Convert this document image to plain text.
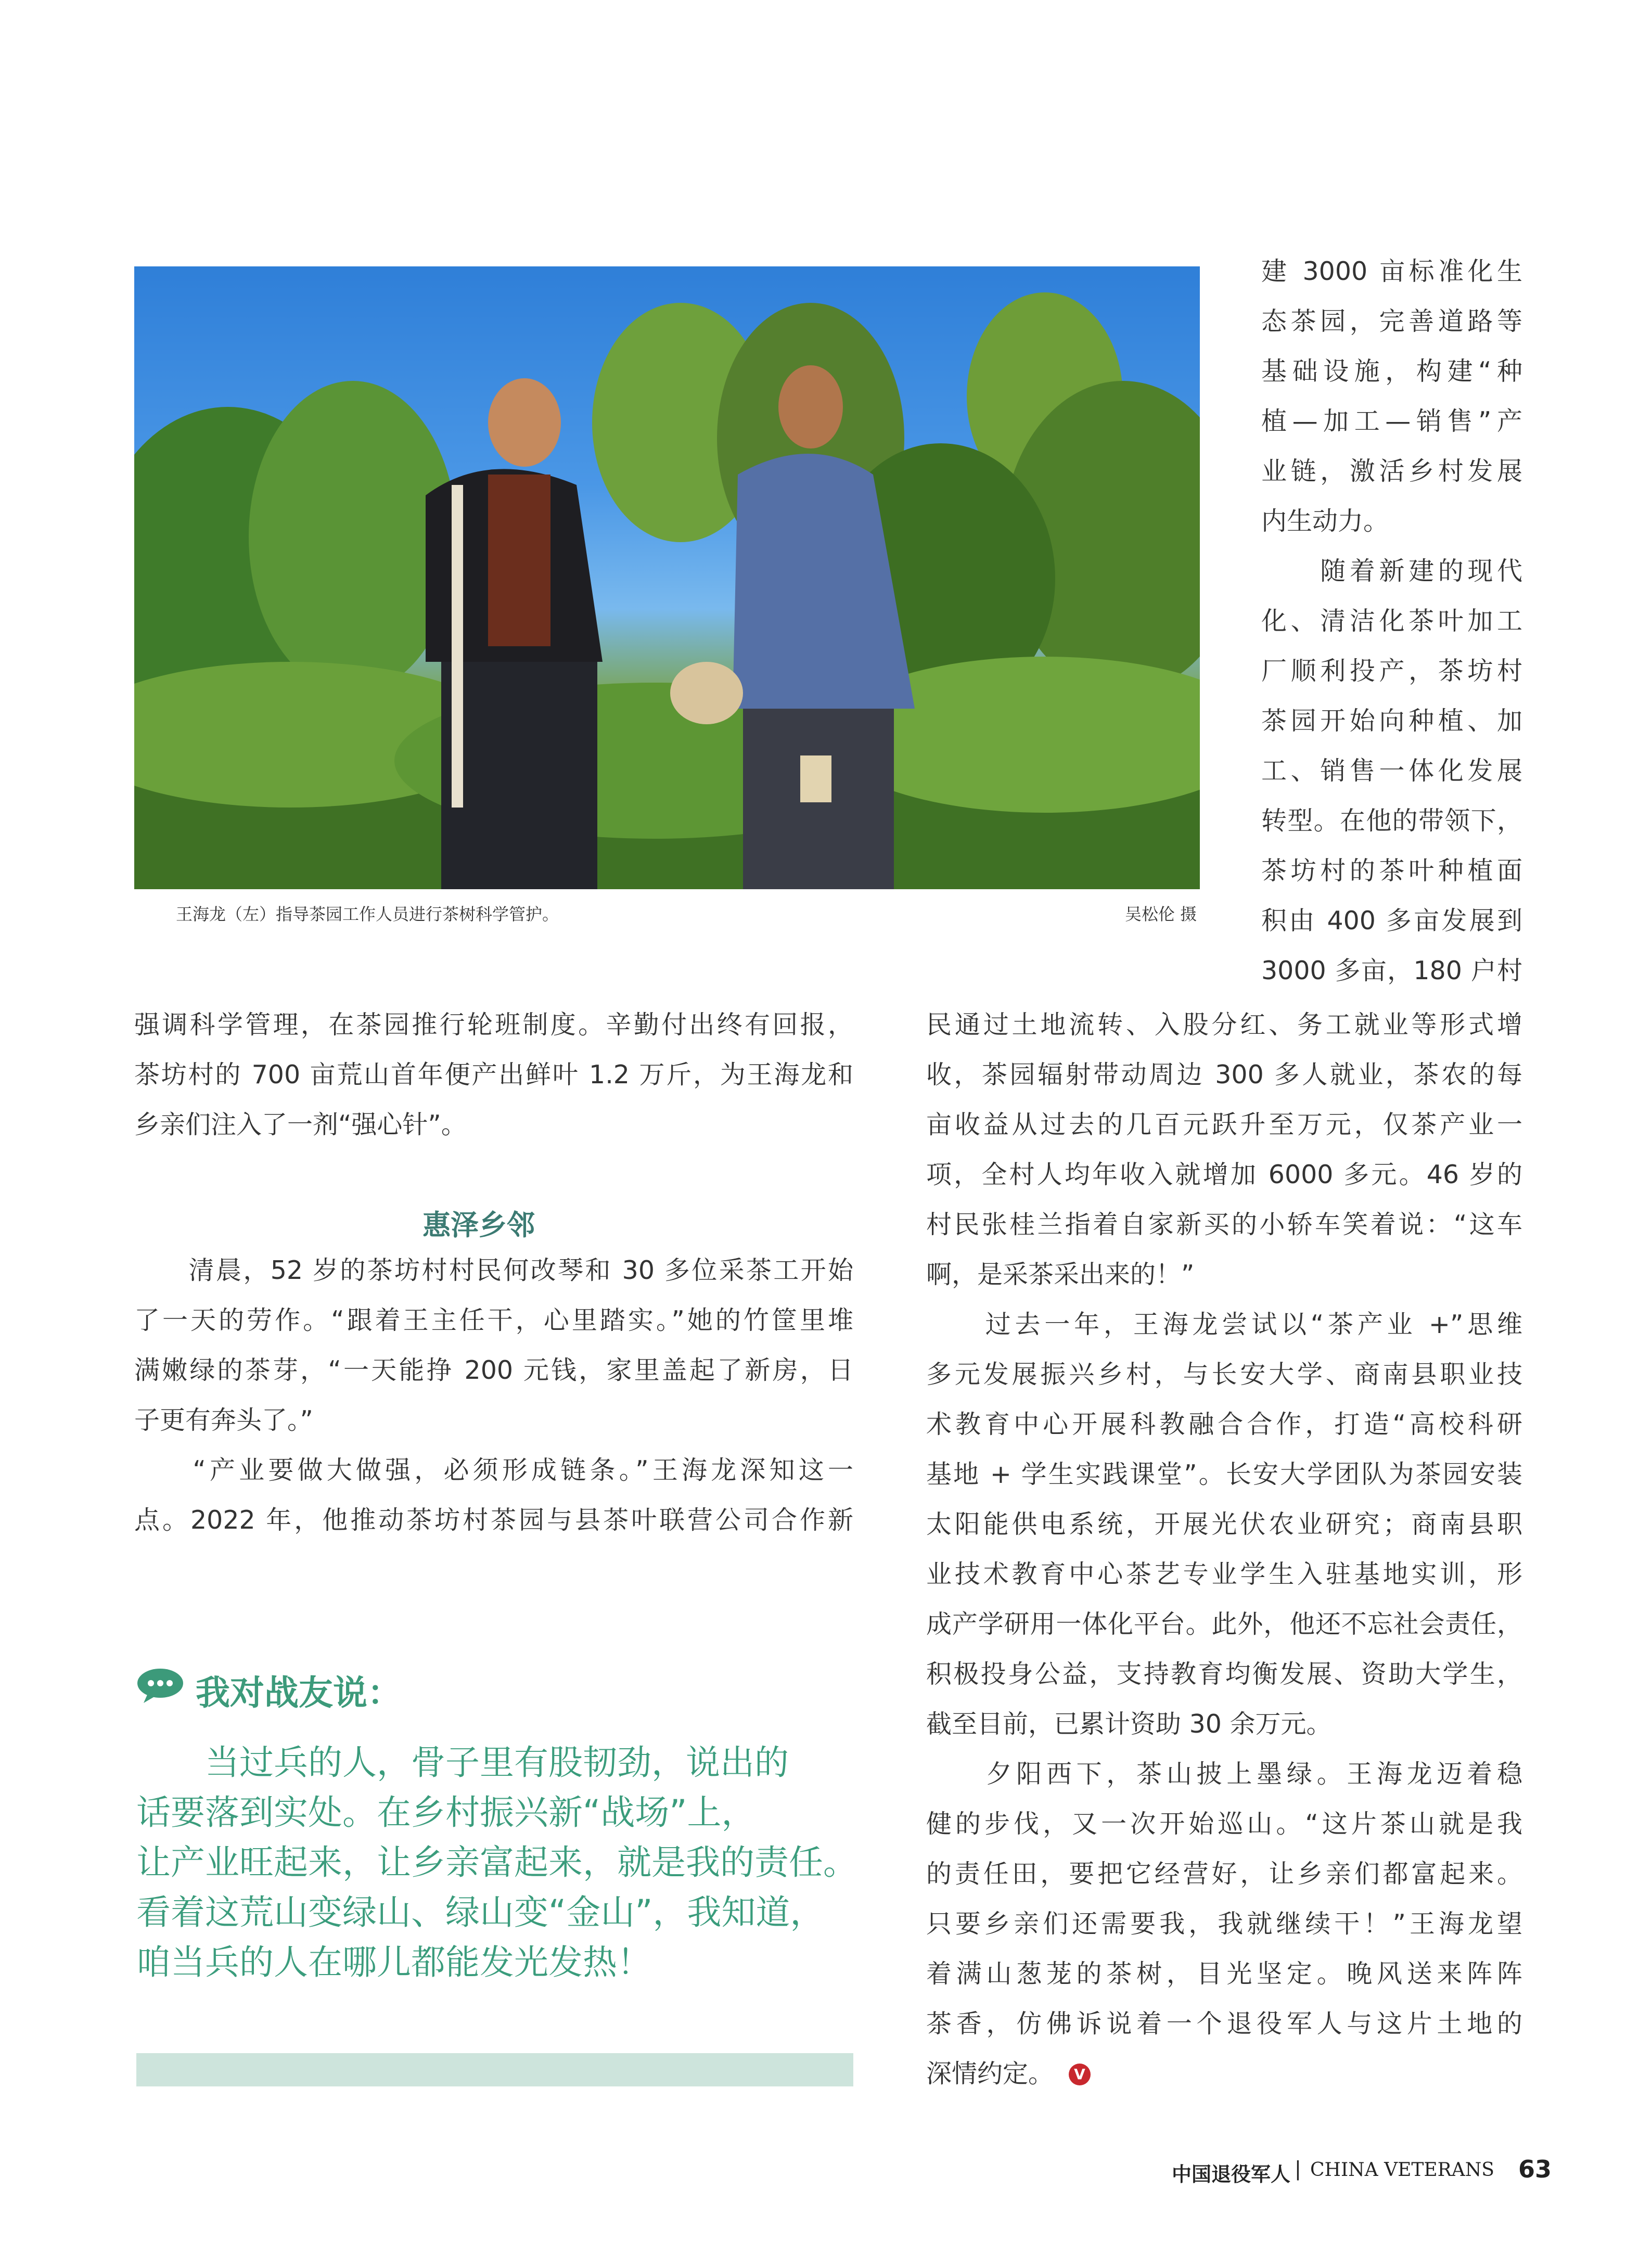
王海龙（左）指导茶园工作人员进行茶树科学管护。	吴松伦 摄
建 3000 亩标准化生
态茶园，完善道路等
基础设施，构建“种
植—加工—销售”产
业链，激活乡村发展
内生动力。
　　随着新建的现代
化、清洁化茶叶加工
厂顺利投产，茶坊村
茶园开始向种植、加
工、销售一体化发展
转型。在他的带领下，
茶坊村的茶叶种植面
积由 400 多亩发展到
3000 多亩，180 户村
强调科学管理，在茶园推行轮班制度。辛勤付出终有回报，
茶坊村的 700 亩荒山首年便产出鲜叶 1.2 万斤，为王海龙和
乡亲们注入了一剂“强心针”。
惠泽乡邻
　　清晨，52 岁的茶坊村村民何改琴和 30 多位采茶工开始
了一天的劳作。“跟着王主任干，心里踏实。”她的竹筐里堆
满嫩绿的茶芽，“一天能挣 200 元钱，家里盖起了新房，日
子更有奔头了。”
　　“产业要做大做强，必须形成链条。”王海龙深知这一
点。2022 年，他推动茶坊村茶园与县茶叶联营公司合作新
我对战友说：
　　当过兵的人，骨子里有股韧劲，说出的
话要落到实处。在乡村振兴新“战场”上，
让产业旺起来，让乡亲富起来，就是我的责任。
看着这荒山变绿山、绿山变“金山”，我知道，
咱当兵的人在哪儿都能发光发热！
民通过土地流转、入股分红、务工就业等形式增
收，茶园辐射带动周边 300 多人就业，茶农的每
亩收益从过去的几百元跃升至万元，仅茶产业一
项，全村人均年收入就增加 6000 多元。46 岁的
村民张桂兰指着自家新买的小轿车笑着说：“这车
啊，是采茶采出来的！”
　　过去一年，王海龙尝试以“茶产业 +”思维
多元发展振兴乡村，与长安大学、商南县职业技
术教育中心开展科教融合合作，打造“高校科研
基地 + 学生实践课堂”。长安大学团队为茶园安装
太阳能供电系统，开展光伏农业研究；商南县职
业技术教育中心茶艺专业学生入驻基地实训，形
成产学研用一体化平台。此外，他还不忘社会责任，
积极投身公益，支持教育均衡发展、资助大学生，
截至目前，已累计资助 30 余万元。
　　夕阳西下，茶山披上墨绿。王海龙迈着稳
健的步伐，又一次开始巡山。“这片茶山就是我
的责任田，要把它经营好，让乡亲们都富起来。
只要乡亲们还需要我，我就继续干！”王海龙望
着满山葱茏的茶树，目光坚定。晚风送来阵阵
茶香，仿佛诉说着一个退役军人与这片土地的
深情约定。	V
中国退役军人 | CHINA VETERANS 63
